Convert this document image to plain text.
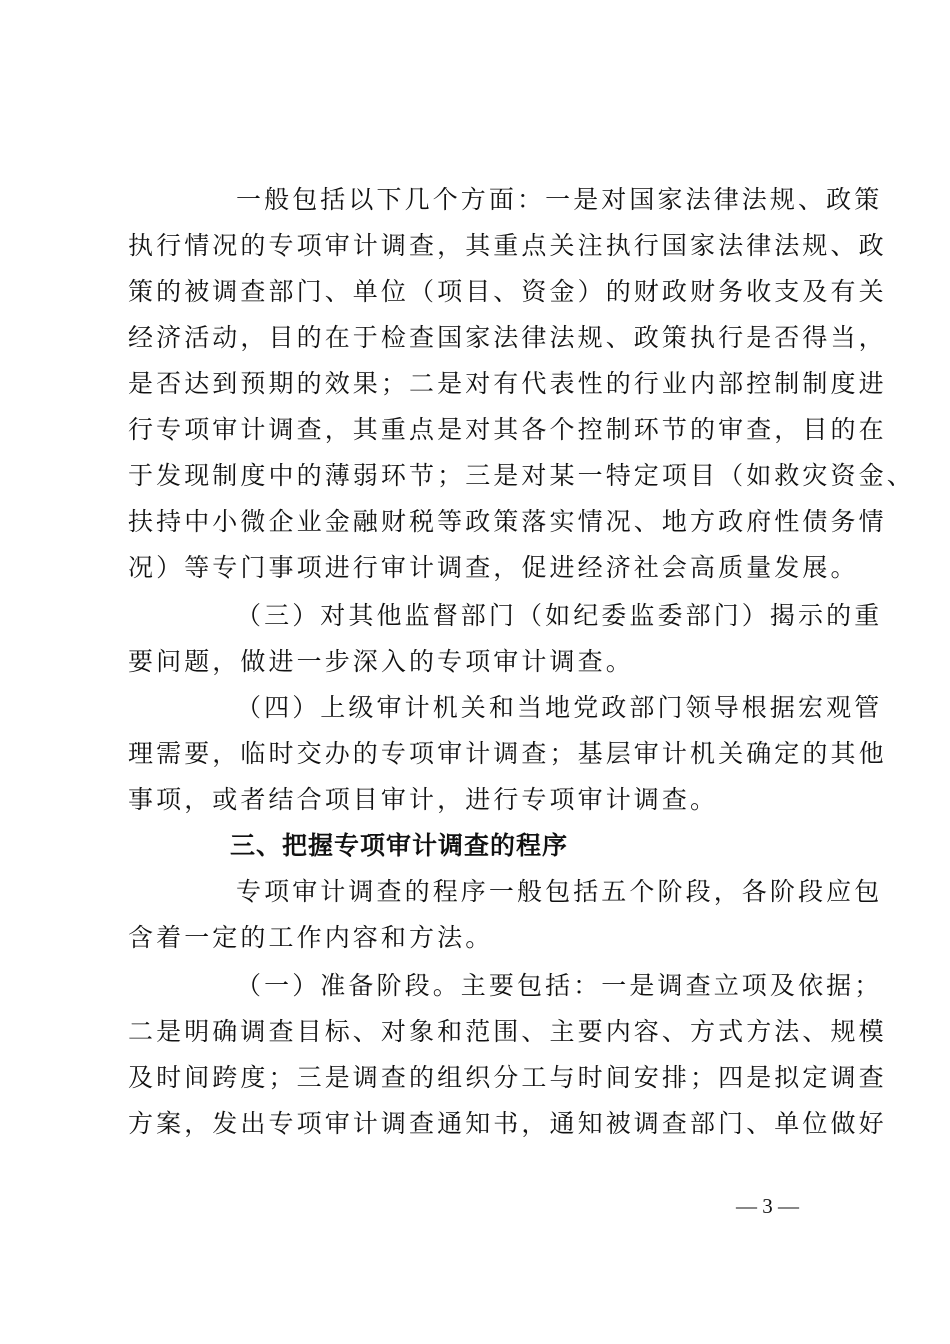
一般包括以下几个方面：一是对国家法律法规、政策
执行情况的专项审计调查，其重点关注执行国家法律法规、政
策的被调查部门、单位（项目、资金）的财政财务收支及有关
经济活动，目的在于检查国家法律法规、政策执行是否得当，
是否达到预期的效果；二是对有代表性的行业内部控制制度进
行专项审计调查，其重点是对其各个控制环节的审查，目的在
于发现制度中的薄弱环节；三是对某一特定项目（如救灾资金、
扶持中小微企业金融财税等政策落实情况、地方政府性债务情
况）等专门事项进行审计调查，促进经济社会高质量发展。
（三）对其他监督部门（如纪委监委部门）揭示的重
要问题，做进一步深入的专项审计调查。
（四）上级审计机关和当地党政部门领导根据宏观管
理需要，临时交办的专项审计调查；基层审计机关确定的其他
事项，或者结合项目审计，进行专项审计调查。
三、把握专项审计调查的程序
专项审计调查的程序一般包括五个阶段，各阶段应包
含着一定的工作内容和方法。
（一）准备阶段。主要包括：一是调查立项及依据；
二是明确调查目标、对象和范围、主要内容、方式方法、规模
及时间跨度；三是调查的组织分工与时间安排；四是拟定调查
方案，发出专项审计调查通知书，通知被调查部门、单位做好
— 3 —
